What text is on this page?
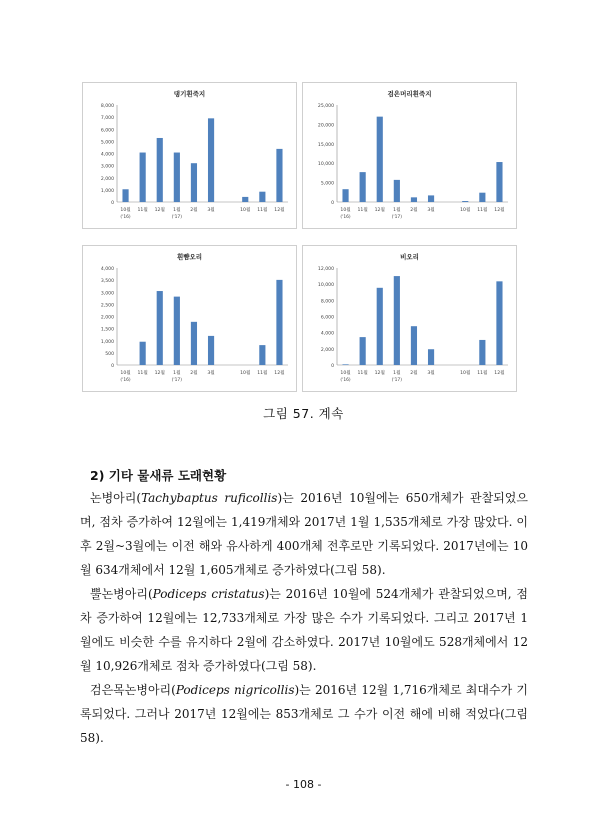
댕기흰죽지
0
1,000
2,000
3,000
4,000
5,000
6,000
7,000
8,000
10월 11월 12월 1월 2월 3월	10월 11월 12월
('16)	('17)
검은머리흰죽지
0
5,000
10,000
15,000
20,000
25,000
10월 11월 12월 1월 2월 3월	10월 11월 12월
('16)	('17)
흰뺨오리
0
500
1,000
1,500
2,000
2,500
3,000
3,500
4,000
10월 11월 12월 1월 2월 3월	10월 11월 12월
('16)	('17)
비오리
0
2,000
4,000
6,000
8,000
10,000
12,000
10월 11월 12월 1월 2월 3월	10월 11월 12월
('16)	('17)
그림 57. 계속
2) 기타 물새류 도래현황
논병아리(Tachybaptus ruficollis)는 2016년 10월에는 650개체가 관찰되었으며, 점차 증가하여 12월에는 1,419개체와 2017년 1월 1,535개체로 가장 많았다. 이후 2월~3월에는 이전 해와 유사하게 400개체 전후로만 기록되었다. 2017년에는 10월 634개체에서 12월 1,605개체로 증가하였다(그림 58).
뿔논병아리(Podiceps cristatus)는 2016년 10월에 524개체가 관찰되었으며, 점차 증가하여 12월에는 12,733개체로 가장 많은 수가 기록되었다. 그리고 2017년 1월에도 비슷한 수를 유지하다 2월에 감소하였다. 2017년 10월에도 528개체에서 12월 10,926개체로 점차 증가하였다(그림 58).
검은목논병아리(Podiceps nigricollis)는 2016년 12월 1,716개체로 최대수가 기록되었다. 그러나 2017년 12월에는 853개체로 그 수가 이전 해에 비해 적었다(그림 58).
- 108 -
